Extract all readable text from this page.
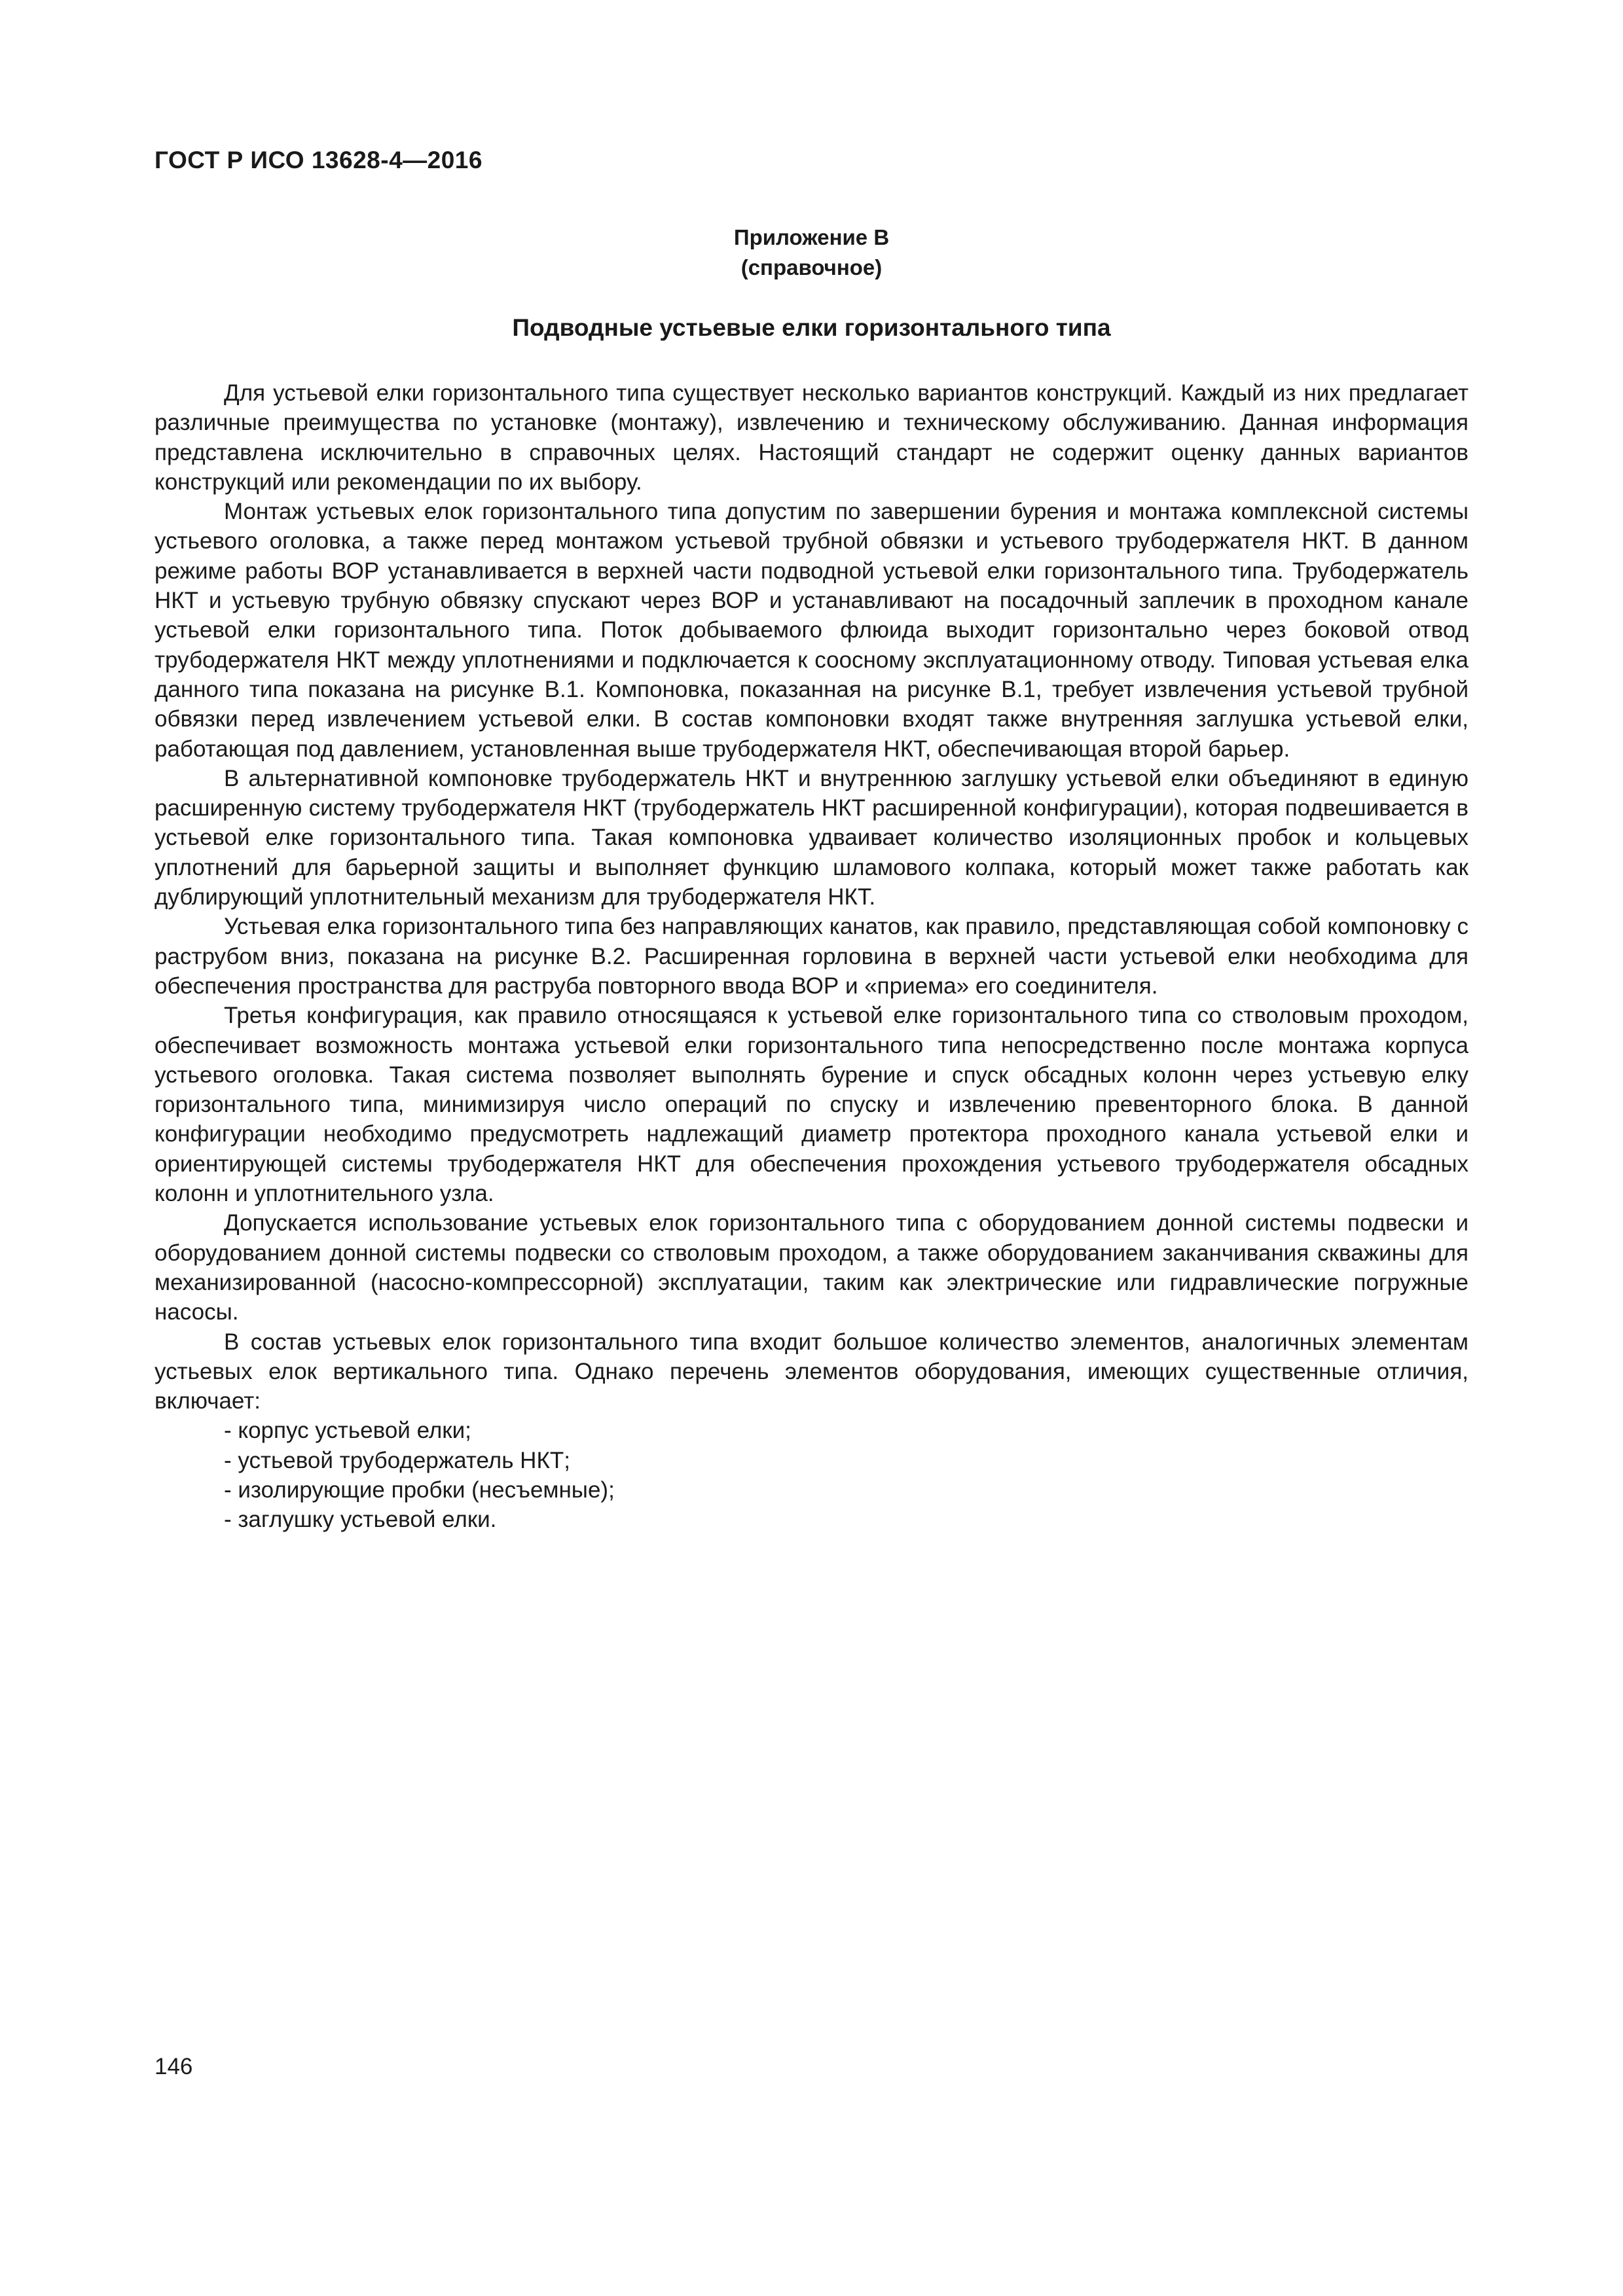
ГОСТ Р ИСО 13628-4—2016
Приложение В
(справочное)
Подводные устьевые елки горизонтального типа

Для устьевой елки горизонтального типа существует несколько вариантов конструкций. Каждый из них предлагает различные преимущества по установке (монтажу), извлечению и техническому обслуживанию. Данная информация представлена исключительно в справочных целях. Настоящий стандарт не содержит оценку данных вариантов конструкций или рекомендации по их выбору.

Монтаж устьевых елок горизонтального типа допустим по завершении бурения и монтажа комплексной системы устьевого оголовка, а также перед монтажом устьевой трубной обвязки и устьевого трубодержателя НКТ. В данном режиме работы ВОР устанавливается в верхней части подводной устьевой елки горизонтального типа. Трубодержатель НКТ и устьевую трубную обвязку спускают через ВОР и устанавливают на посадочный заплечик в проходном канале устьевой елки горизонтального типа. Поток добываемого флюида выходит горизонтально через боковой отвод трубодержателя НКТ между уплотнениями и подключается к соосному эксплуатационному отводу. Типовая устьевая елка данного типа показана на рисунке В.1. Компоновка, показанная на рисунке В.1, требует извлечения устьевой трубной обвязки перед извлечением устьевой елки. В состав компоновки входят также внутренняя заглушка устьевой елки, работающая под давлением, установленная выше трубодержателя НКТ, обеспечивающая второй барьер.

В альтернативной компоновке трубодержатель НКТ и внутреннюю заглушку устьевой елки объединяют в единую расширенную систему трубодержателя НКТ (трубодержатель НКТ расширенной конфигурации), которая подвешивается в устьевой елке горизонтального типа. Такая компоновка удваивает количество изоляционных пробок и кольцевых уплотнений для барьерной защиты и выполняет функцию шламового колпака, который может также работать как дублирующий уплотнительный механизм для трубодержателя НКТ.

Устьевая елка горизонтального типа без направляющих канатов, как правило, представляющая собой компоновку с раструбом вниз, показана на рисунке В.2. Расширенная горловина в верхней части устьевой елки необходима для обеспечения пространства для раструба повторного ввода ВОР и «приема» его соединителя.

Третья конфигурация, как правило относящаяся к устьевой елке горизонтального типа со стволовым проходом, обеспечивает возможность монтажа устьевой елки горизонтального типа непосредственно после монтажа корпуса устьевого оголовка. Такая система позволяет выполнять бурение и спуск обсадных колонн через устьевую елку горизонтального типа, минимизируя число операций по спуску и извлечению превенторного блока. В данной конфигурации необходимо предусмотреть надлежащий диаметр протектора проходного канала устьевой елки и ориентирующей системы трубодержателя НКТ для обеспечения прохождения устьевого трубодержателя обсадных колонн и уплотнительного узла.

Допускается использование устьевых елок горизонтального типа с оборудованием донной системы подвески и оборудованием донной системы подвески со стволовым проходом, а также оборудованием заканчивания скважины для механизированной (насосно-компрессорной) эксплуатации, таким как электрические или гидравлические погружные насосы.

В состав устьевых елок горизонтального типа входит большое количество элементов, аналогичных элементам устьевых елок вертикального типа. Однако перечень элементов оборудования, имеющих существенные отличия, включает:

- корпус устьевой елки;
- устьевой трубодержатель НКТ;
- изолирующие пробки (несъемные);
- заглушку устьевой елки.
146
